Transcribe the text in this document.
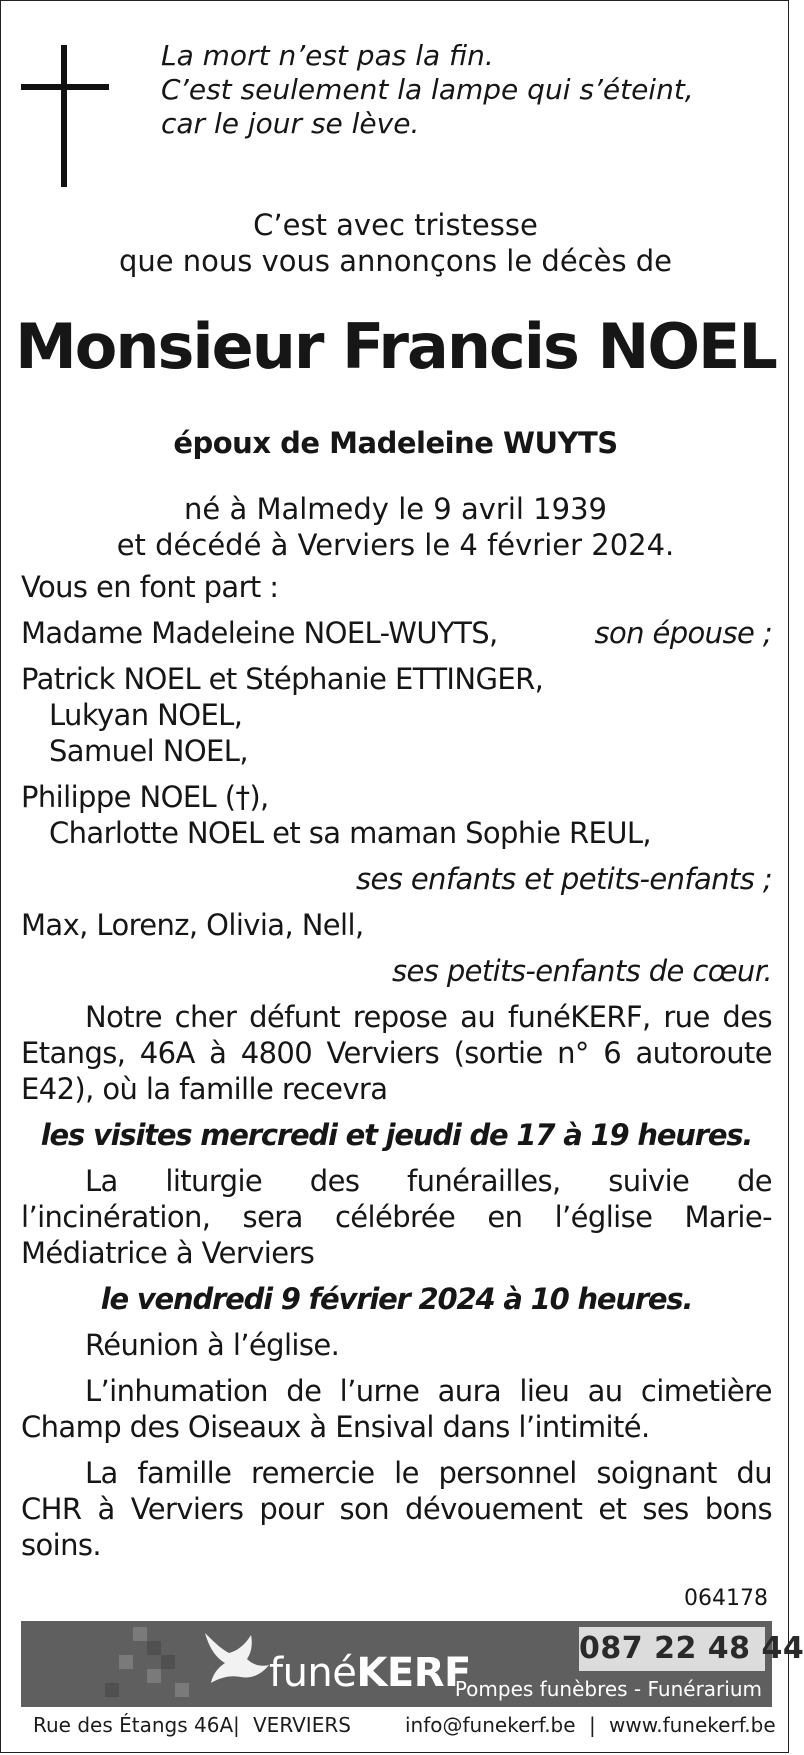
La mort n’est pas la fin.
C’est seulement la lampe qui s’éteint,
car le jour se lève.
C’est avec tristesse
que nous vous annonçons le décès de
Monsieur Francis NOEL
époux de Madeleine WUYTS
né à Malmedy le 9 avril 1939
et décédé à Verviers le 4 février 2024.
Vous en font part :
Madame Madeleine NOEL-WUYTS,	son épouse ;
Patrick NOEL et Stéphanie ETTINGER,
Lukyan NOEL,
Samuel NOEL,
Philippe NOEL (†),
Charlotte NOEL et sa maman Sophie REUL,
ses enfants et petits-enfants ;
Max, Lorenz, Olivia, Nell,
ses petits-enfants de cœur.
Notre cher défunt repose au funéKERF, rue des Etangs, 46A à 4800 Verviers (sortie n° 6 autoroute E42), où la famille recevra
les visites mercredi et jeudi de 17 à 19 heures.
La liturgie des funérailles, suivie de l’incinération, sera célébrée en l’église Marie-Médiatrice à Verviers
le vendredi 9 février 2024 à 10 heures.
Réunion à l’église.
L’inhumation de l’urne aura lieu au cimetière Champ des Oiseaux à Ensival dans l’intimité.
La famille remercie le personnel soignant du CHR à Verviers pour son dévouement et ses bons soins.
064178
funéKERF
087 22 48 44
Pompes funèbres - Funérarium
Rue des Étangs 46A | VERVIERS	info@funekerf.be | www.funekerf.be
